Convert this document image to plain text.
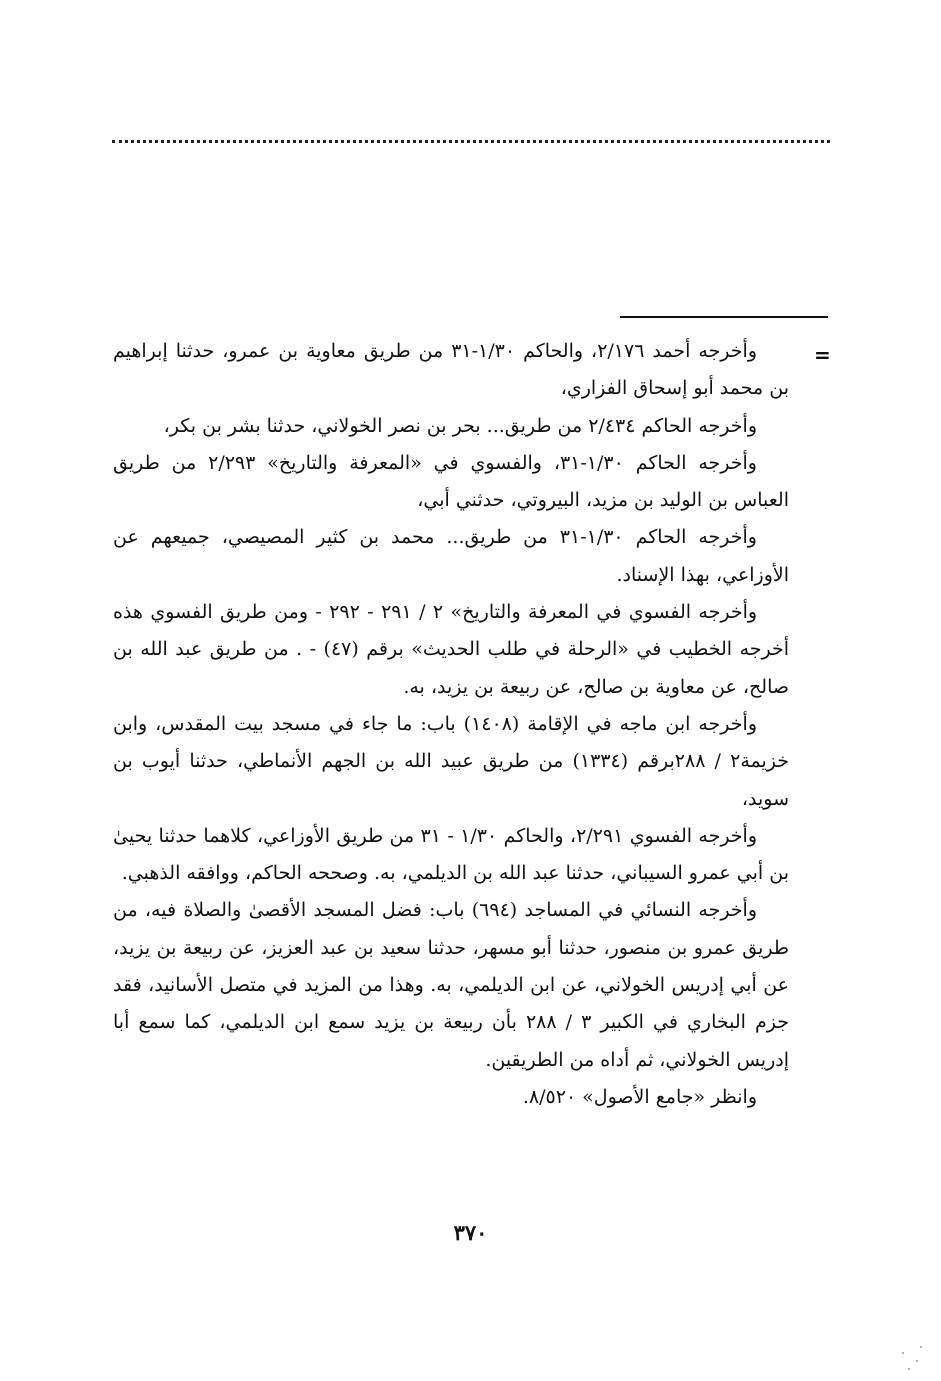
=

وأخرجه أحمد ٢/١٧٦، والحاكم ١/٣٠-٣١ من طريق معاوية بن عمرو، حدثنا إبراهيم بن محمد أبو إسحاق الفزاري،

وأخرجه الحاكم ٢/٤٣٤ من طريق... بحر بن نصر الخولاني، حدثنا بشر بن بكر،

وأخرجه الحاكم ١/٣٠-٣١، والفسوي في «المعرفة والتاريخ» ٢/٢٩٣ من طريق العباس بن الوليد بن مزيد، البيروتي، حدثني أبي،

وأخرجه الحاكم ١/٣٠-٣١ من طريق... محمد بن كثير المصيصي، جميعهم عن الأوزاعي، بهذا الإسناد.

وأخرجه الفسوي في المعرفة والتاريخ» ٢ / ٢٩١ - ٢٩٢ - ومن طريق الفسوي هذه أخرجه الخطيب في «الرحلة في طلب الحديث» برقم (٤٧) - . من طريق عبد الله بن صالح، عن معاوية بن صالح، عن ربيعة بن يزيد، به.

وأخرجه ابن ماجه في الإقامة (١٤٠٨) باب: ما جاء في مسجد بيت المقدس، وابن خزيمة٢ / ٢٨٨برقم (١٣٣٤) من طريق عبيد الله بن الجهم الأنماطي، حدثنا أيوب بن سويد،

وأخرجه الفسوي ٢/٢٩١، والحاكم ١/٣٠ - ٣١ من طريق الأوزاعي، كلاهما حدثنا يحيىٰ بن أبي عمرو السيباني، حدثنا عبد الله بن الديلمي، به. وصححه الحاكم، ووافقه الذهبي.

وأخرجه النسائي في المساجد (٦٩٤) باب: فضل المسجد الأقصىٰ والصلاة فيه، من طريق عمرو بن منصور، حدثنا أبو مسهر، حدثنا سعيد بن عبد العزيز، عن ربيعة بن يزيد، عن أبي إدريس الخولاني، عن ابن الديلمي، به. وهذا من المزيد في متصل الأسانيد، فقد جزم البخاري في الكبير ٣ / ٢٨٨ بأن ربيعة بن يزيد سمع ابن الديلمي، كما سمع أبا إدريس الخولاني، ثم أداه من الطريقين.

وانظر «جامع الأصول» ٨/٥٢٠.

٣٧٠
